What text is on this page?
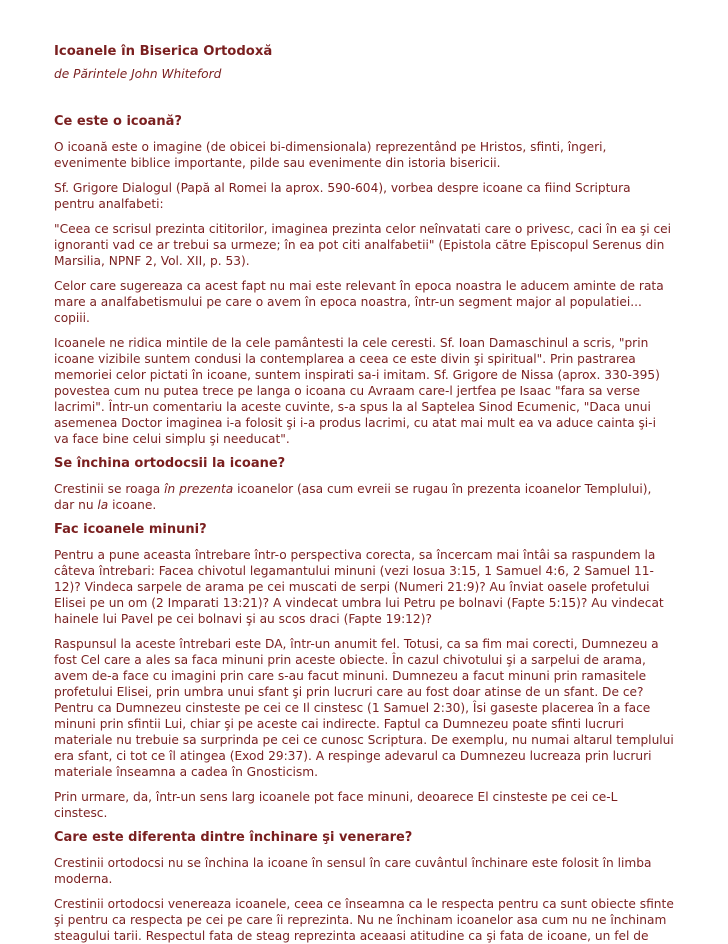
Icoanele în Biserica Ortodoxă

de Părintele John Whiteford

Ce este o icoană?

O icoană este o imagine (de obicei bi-dimensionala) reprezentând pe Hristos, sfinti, îngeri, evenimente biblice importante, pilde sau evenimente din istoria bisericii.

Sf. Grigore Dialogul (Papă al Romei la aprox. 590-604), vorbea despre icoane ca fiind Scriptura pentru analfabeti:

"Ceea ce scrisul prezinta cititorilor, imaginea prezinta celor neînvatati care o privesc, caci în ea şi cei ignoranti vad ce ar trebui sa urmeze; în ea pot citi analfabetii" (Epistola către Episcopul Serenus din Marsilia, NPNF 2, Vol. XII, p. 53).

Celor care sugereaza ca acest fapt nu mai este relevant în epoca noastra le aducem aminte de rata mare a analfabetismului pe care o avem în epoca noastra, într-un segment major al populatiei... copiii.

Icoanele ne ridica mintile de la cele pamântesti la cele ceresti. Sf. Ioan Damaschinul a scris, "prin icoane vizibile suntem condusi la contemplarea a ceea ce este divin şi spiritual". Prin pastrarea memoriei celor pictati în icoane, suntem inspirati sa-i imitam. Sf. Grigore de Nissa (aprox. 330-395) povestea cum nu putea trece pe langa o icoana cu Avraam care-l jertfea pe Isaac "fara sa verse lacrimi". Într-un comentariu la aceste cuvinte, s-a spus la al Saptelea Sinod Ecumenic, "Daca unui asemenea Doctor imaginea i-a folosit şi i-a produs lacrimi, cu atat mai mult ea va aduce cainta şi-i va face bine celui simplu şi needucat".

Se închina ortodocsii la icoane?

Crestinii se roaga în prezenta icoanelor (asa cum evreii se rugau în prezenta icoanelor Templului), dar nu la icoane.

Fac icoanele minuni?

Pentru a pune aceasta întrebare într-o perspectiva corecta, sa încercam mai întâi sa raspundem la câteva întrebari: Facea chivotul legamantului minuni (vezi Iosua 3:15, 1 Samuel 4:6, 2 Samuel 11-12)? Vindeca sarpele de arama pe cei muscati de serpi (Numeri 21:9)? Au înviat oasele profetului Elisei pe un om (2 Imparati 13:21)? A vindecat umbra lui Petru pe bolnavi (Fapte 5:15)? Au vindecat hainele lui Pavel pe cei bolnavi şi au scos draci (Fapte 19:12)?

Raspunsul la aceste întrebari este DA, într-un anumit fel. Totusi, ca sa fim mai corecti, Dumnezeu a fost Cel care a ales sa faca minuni prin aceste obiecte. În cazul chivotului şi a sarpelui de arama, avem de-a face cu imagini prin care s-au facut minuni. Dumnezeu a facut minuni prin ramasitele profetului Elisei, prin umbra unui sfant şi prin lucruri care au fost doar atinse de un sfant. De ce? Pentru ca Dumnezeu cinsteste pe cei ce Il cinstesc (1 Samuel 2:30), Îsi gaseste placerea în a face minuni prin sfintii Lui, chiar şi pe aceste cai indirecte. Faptul ca Dumnezeu poate sfinti lucruri materiale nu trebuie sa surprinda pe cei ce cunosc Scriptura. De exemplu, nu numai altarul templului era sfant, ci tot ce îl atingea (Exod 29:37). A respinge adevarul ca Dumnezeu lucreaza prin lucruri materiale înseamna a cadea în Gnosticism.

Prin urmare, da, într-un sens larg icoanele pot face minuni, deoarece El cinsteste pe cei ce-L cinstesc.

Care este diferenta dintre închinare şi venerare?

Crestinii ortodocsi nu se închina la icoane în sensul în care cuvântul închinare este folosit în limba moderna.

Crestinii ortodocsi venereaza icoanele, ceea ce înseamna ca le respecta pentru ca sunt obiecte sfinte şi pentru ca respecta pe cei pe care îi reprezinta. Nu ne închinam icoanelor asa cum nu ne închinam steagului tarii. Respectul fata de steag reprezinta aceaasi atitudine ca şi fata de icoane, un fel de
